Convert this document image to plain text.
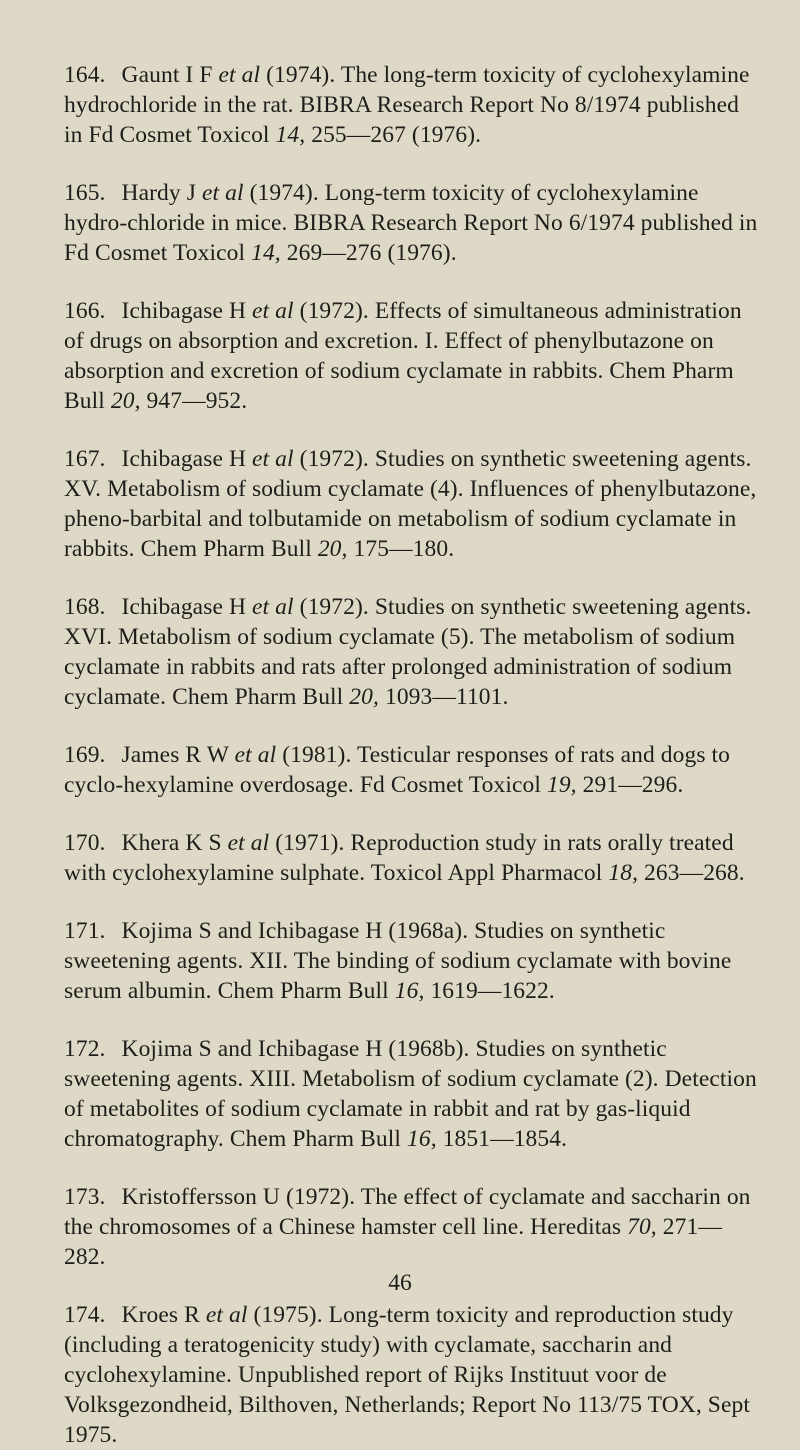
164. Gaunt I F et al (1974). The long-term toxicity of cyclohexylamine hydrochloride in the rat. BIBRA Research Report No 8/1974 published in Fd Cosmet Toxicol 14, 255—267 (1976).
165. Hardy J et al (1974). Long-term toxicity of cyclohexylamine hydro-chloride in mice. BIBRA Research Report No 6/1974 published in Fd Cosmet Toxicol 14, 269—276 (1976).
166. Ichibagase H et al (1972). Effects of simultaneous administration of drugs on absorption and excretion. I. Effect of phenylbutazone on absorption and excretion of sodium cyclamate in rabbits. Chem Pharm Bull 20, 947—952.
167. Ichibagase H et al (1972). Studies on synthetic sweetening agents. XV. Metabolism of sodium cyclamate (4). Influences of phenylbutazone, pheno-barbital and tolbutamide on metabolism of sodium cyclamate in rabbits. Chem Pharm Bull 20, 175—180.
168. Ichibagase H et al (1972). Studies on synthetic sweetening agents. XVI. Metabolism of sodium cyclamate (5). The metabolism of sodium cyclamate in rabbits and rats after prolonged administration of sodium cyclamate. Chem Pharm Bull 20, 1093—1101.
169. James R W et al (1981). Testicular responses of rats and dogs to cyclo-hexylamine overdosage. Fd Cosmet Toxicol 19, 291—296.
170. Khera K S et al (1971). Reproduction study in rats orally treated with cyclohexylamine sulphate. Toxicol Appl Pharmacol 18, 263—268.
171. Kojima S and Ichibagase H (1968a). Studies on synthetic sweetening agents. XII. The binding of sodium cyclamate with bovine serum albumin. Chem Pharm Bull 16, 1619—1622.
172. Kojima S and Ichibagase H (1968b). Studies on synthetic sweetening agents. XIII. Metabolism of sodium cyclamate (2). Detection of metabolites of sodium cyclamate in rabbit and rat by gas-liquid chromatography. Chem Pharm Bull 16, 1851—1854.
173. Kristoffersson U (1972). The effect of cyclamate and saccharin on the chromosomes of a Chinese hamster cell line. Hereditas 70, 271—282.
174. Kroes R et al (1975). Long-term toxicity and reproduction study (including a teratogenicity study) with cyclamate, saccharin and cyclohexylamine. Unpublished report of Rijks Instituut voor de Volksgezondheid, Bilthoven, Netherlands; Report No 113/75 TOX, Sept 1975.
46
